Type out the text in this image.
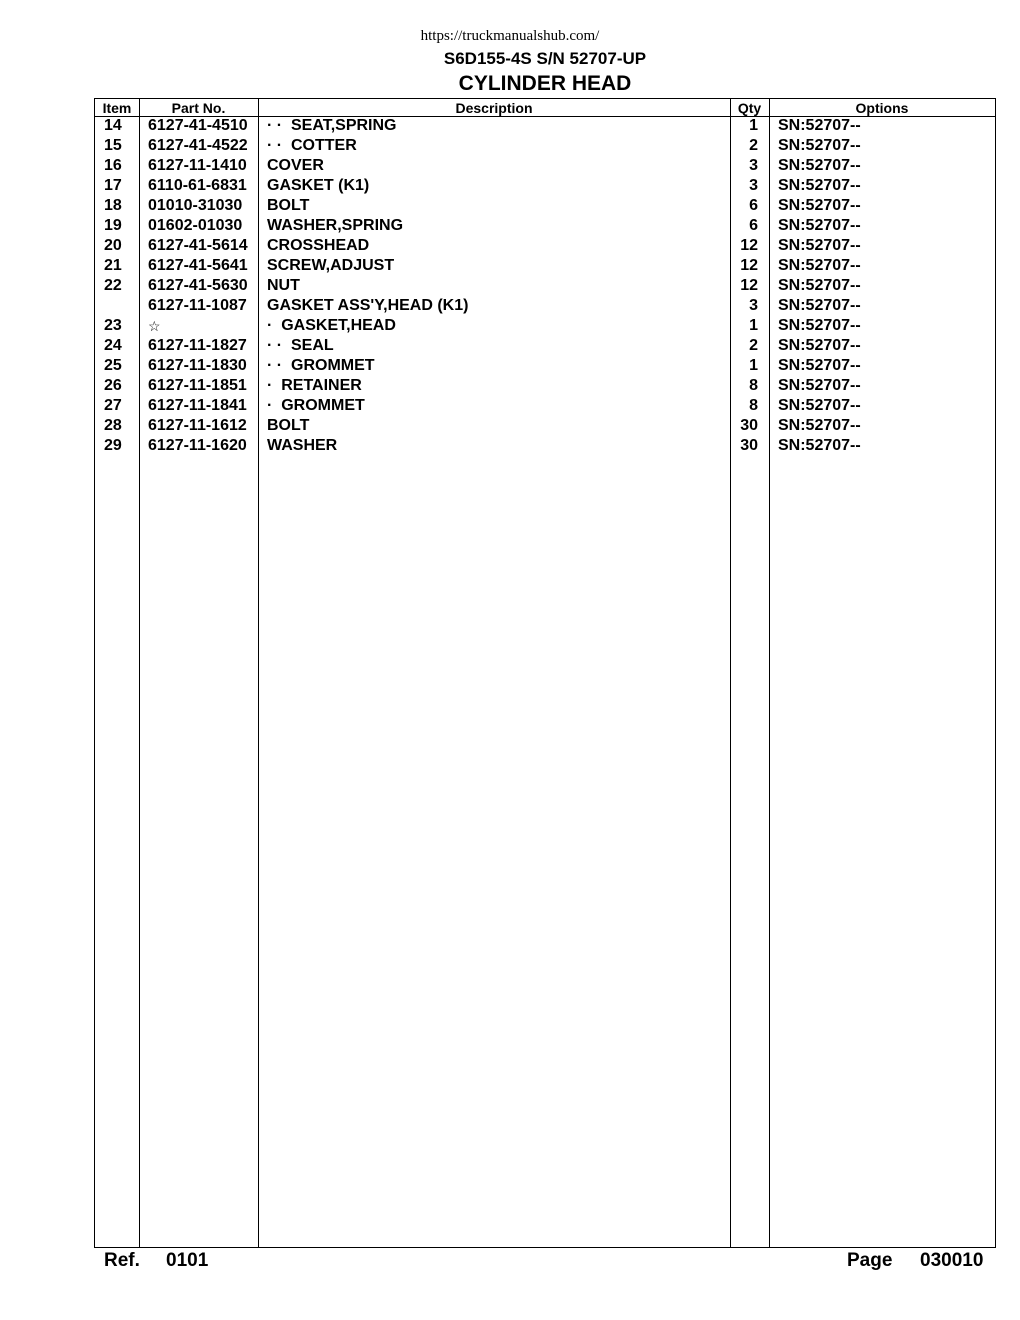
https://truckmanualshub.com/
S6D155-4S S/N 52707-UP
CYLINDER HEAD
Item	Part No.	Description	Qty	Options
14 6127-41-4510 · ·  SEAT,SPRING	1 SN:52707--
15 6127-41-4522 · ·  COTTER	2 SN:52707--
16 6127-11-1410 COVER	3 SN:52707--
17 6110-61-6831 GASKET (K1)	3 SN:52707--
18 01010-31030 BOLT	6 SN:52707--
19 01602-01030 WASHER,SPRING	6 SN:52707--
20 6127-41-5614 CROSSHEAD	12 SN:52707--
21 6127-41-5641 SCREW,ADJUST	12 SN:52707--
22 6127-41-5630 NUT	12 SN:52707--
6127-11-1087 GASKET ASS'Y,HEAD (K1)	3 SN:52707--
23 ☆	·  GASKET,HEAD	1 SN:52707--
24 6127-11-1827 · ·  SEAL	2 SN:52707--
25 6127-11-1830 · ·  GROMMET	1 SN:52707--
26 6127-11-1851 ·  RETAINER	8 SN:52707--
27 6127-11-1841 ·  GROMMET	8 SN:52707--
28 6127-11-1612 BOLT	30 SN:52707--
29 6127-11-1620 WASHER	30 SN:52707--
Ref. 0101	Page 030010
